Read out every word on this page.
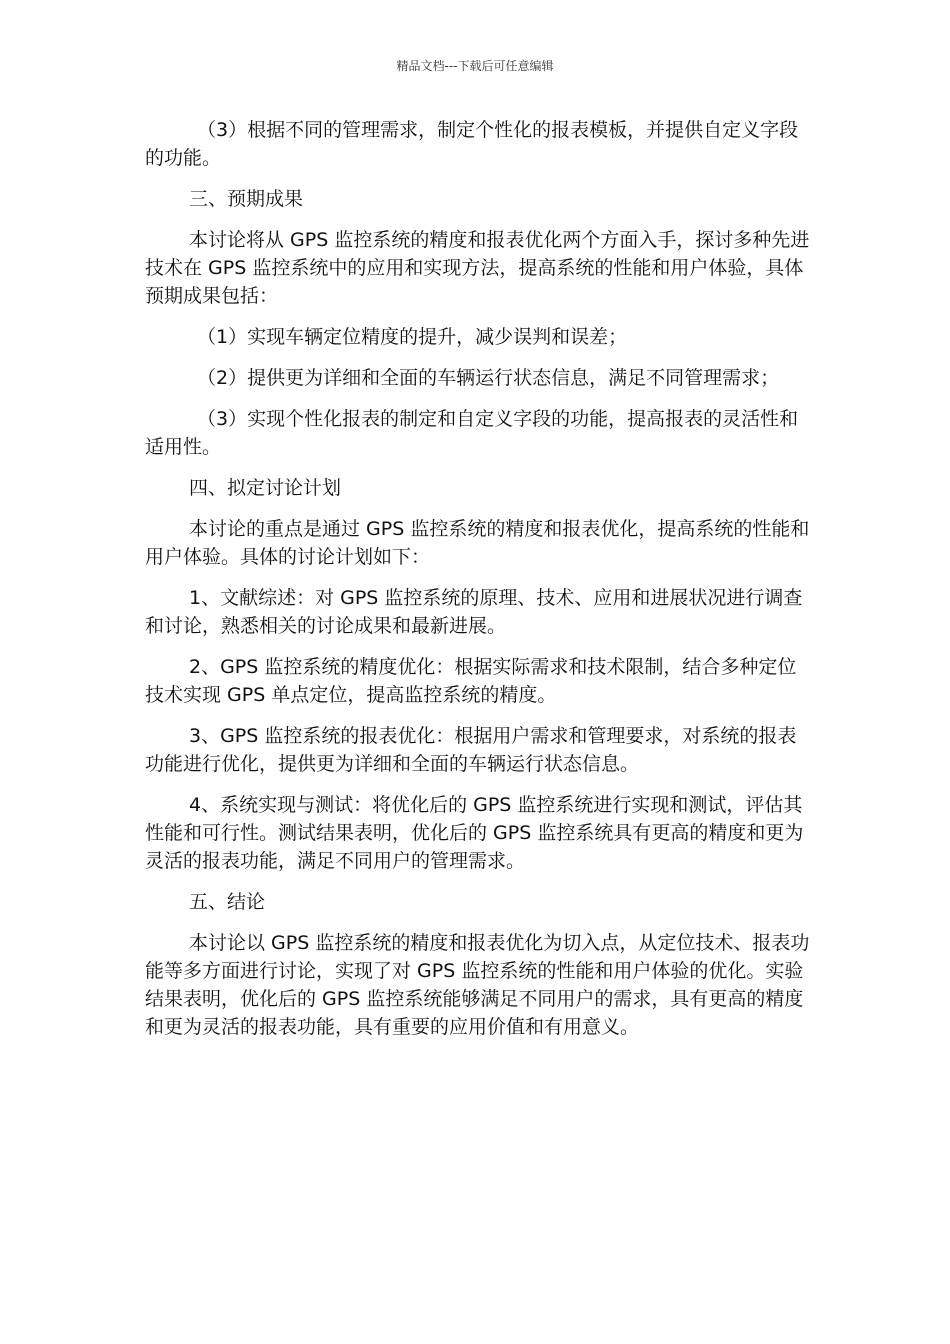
精品文档---下载后可任意编辑

（3）根据不同的管理需求，制定个性化的报表模板，并提供自定义字段的功能。

三、预期成果

本讨论将从 GPS 监控系统的精度和报表优化两个方面入手，探讨多种先进技术在 GPS 监控系统中的应用和实现方法，提高系统的性能和用户体验，具体预期成果包括：

（1）实现车辆定位精度的提升，减少误判和误差；

（2）提供更为详细和全面的车辆运行状态信息，满足不同管理需求；

（3）实现个性化报表的制定和自定义字段的功能，提高报表的灵活性和适用性。

四、拟定讨论计划

本讨论的重点是通过 GPS 监控系统的精度和报表优化，提高系统的性能和用户体验。具体的讨论计划如下：

1、文献综述：对 GPS 监控系统的原理、技术、应用和进展状况进行调查和讨论，熟悉相关的讨论成果和最新进展。

2、GPS 监控系统的精度优化：根据实际需求和技术限制，结合多种定位技术实现 GPS 单点定位，提高监控系统的精度。

3、GPS 监控系统的报表优化：根据用户需求和管理要求，对系统的报表功能进行优化，提供更为详细和全面的车辆运行状态信息。

4、系统实现与测试：将优化后的 GPS 监控系统进行实现和测试，评估其性能和可行性。测试结果表明，优化后的 GPS 监控系统具有更高的精度和更为灵活的报表功能，满足不同用户的管理需求。

五、结论

本讨论以 GPS 监控系统的精度和报表优化为切入点，从定位技术、报表功能等多方面进行讨论，实现了对 GPS 监控系统的性能和用户体验的优化。实验结果表明，优化后的 GPS 监控系统能够满足不同用户的需求，具有更高的精度和更为灵活的报表功能，具有重要的应用价值和有用意义。
